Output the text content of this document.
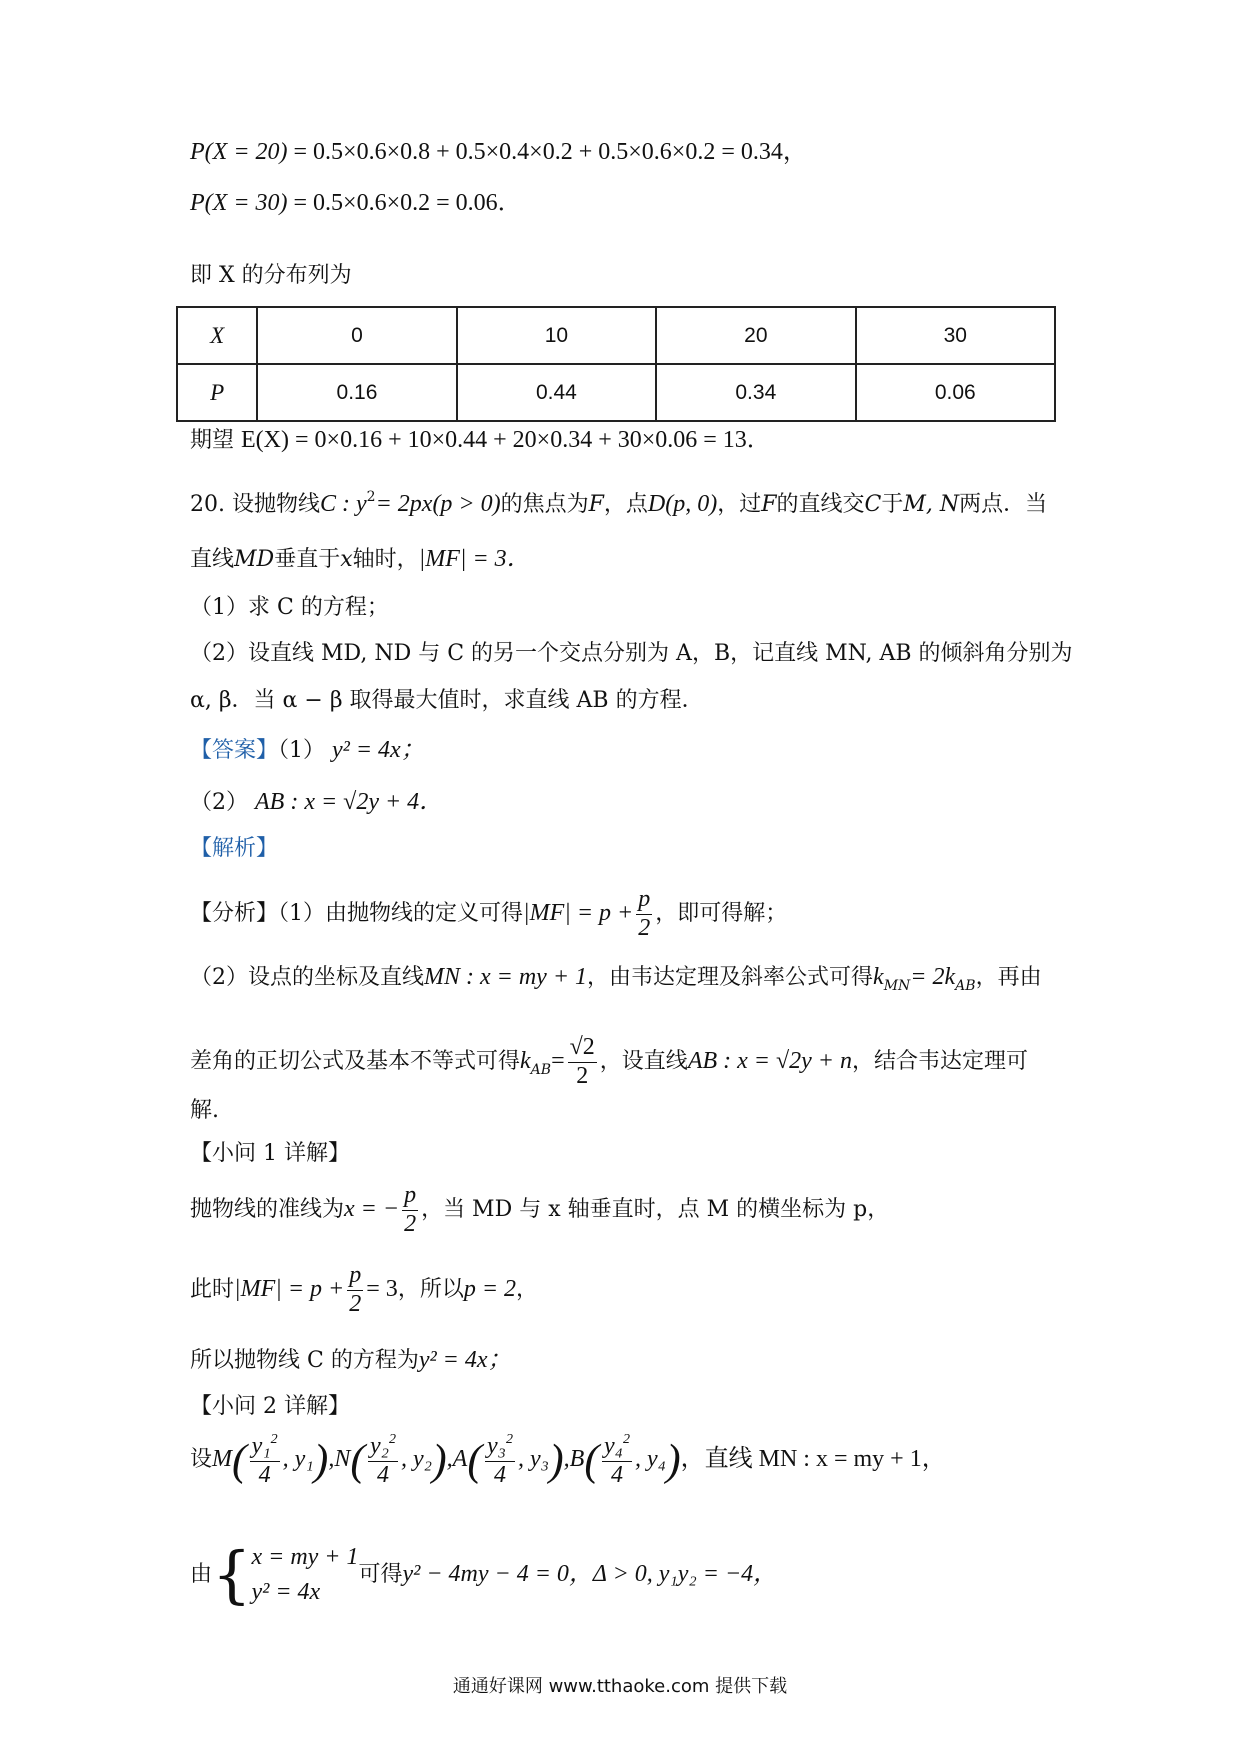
P(X = 20) = 0.5×0.6×0.8 + 0.5×0.4×0.2 + 0.5×0.6×0.2 = 0.34，
P(X = 30) = 0.5×0.6×0.2 = 0.06．
即 X 的分布列为
X	0	10	20	30
P	0.16	0.44	0.34	0.06
期望 E(X) = 0×0.16 + 10×0.44 + 20×0.34 + 30×0.06 = 13．
20. 设抛物线C : $y^2= 2px(p > 0)$的焦点为F，点D(p, 0)，过F的直线交C于M, N两点．当
直线MD垂直于x轴时，|MF| = 3．
（1）求 C 的方程；
（2）设直线 MD, ND 与 C 的另一个交点分别为 A，B，记直线 MN, AB 的倾斜角分别为
α, β．当 α − β 取得最大值时，求直线 AB 的方程．
【答案】（1） y² = 4x；
（2） AB : x = √2y + 4．
【解析】
【分析】（1）由抛物线的定义可得$|MF| = p + \frac{p}{2}$ ，即可得解；
（2）设点的坐标及直线MN : x = my + 1，由韦达定理及斜率公式可得$k_{MN}= 2k_{AB}$，再由
差角的正切公式及基本不等式可得$k_{AB}= \frac{√2}{2}$ ，设直线AB : x = √2y + n，结合韦达定理可
解.
【小问 1 详解】
抛物线的准线为x = − $\frac{p}{2}$ ，当 MD 与 x 轴垂直时，点 M 的横坐标为 p，
此时$|MF| = p + \frac{p}{2} = 3$，所以p = 2，
所以抛物线 C 的方程为y² = 4x；
【小问 2 详解】
设$M( \frac{y_1^2}{4}$ , $y_1),N( \frac{y_2^2}{4}$ , $y_2),A( \frac{y_3^2}{4}$ , $y_3),B( \frac{y_4^2}{4}$ , y₄)，直线 MN : x = my + 1，
由{ x = my + 1
y² = 4x
可得y² − 4my − 4 = 0，Δ > 0, y₁y₂ = −4，
通通好课网 www.tthaoke.com 提供下载
